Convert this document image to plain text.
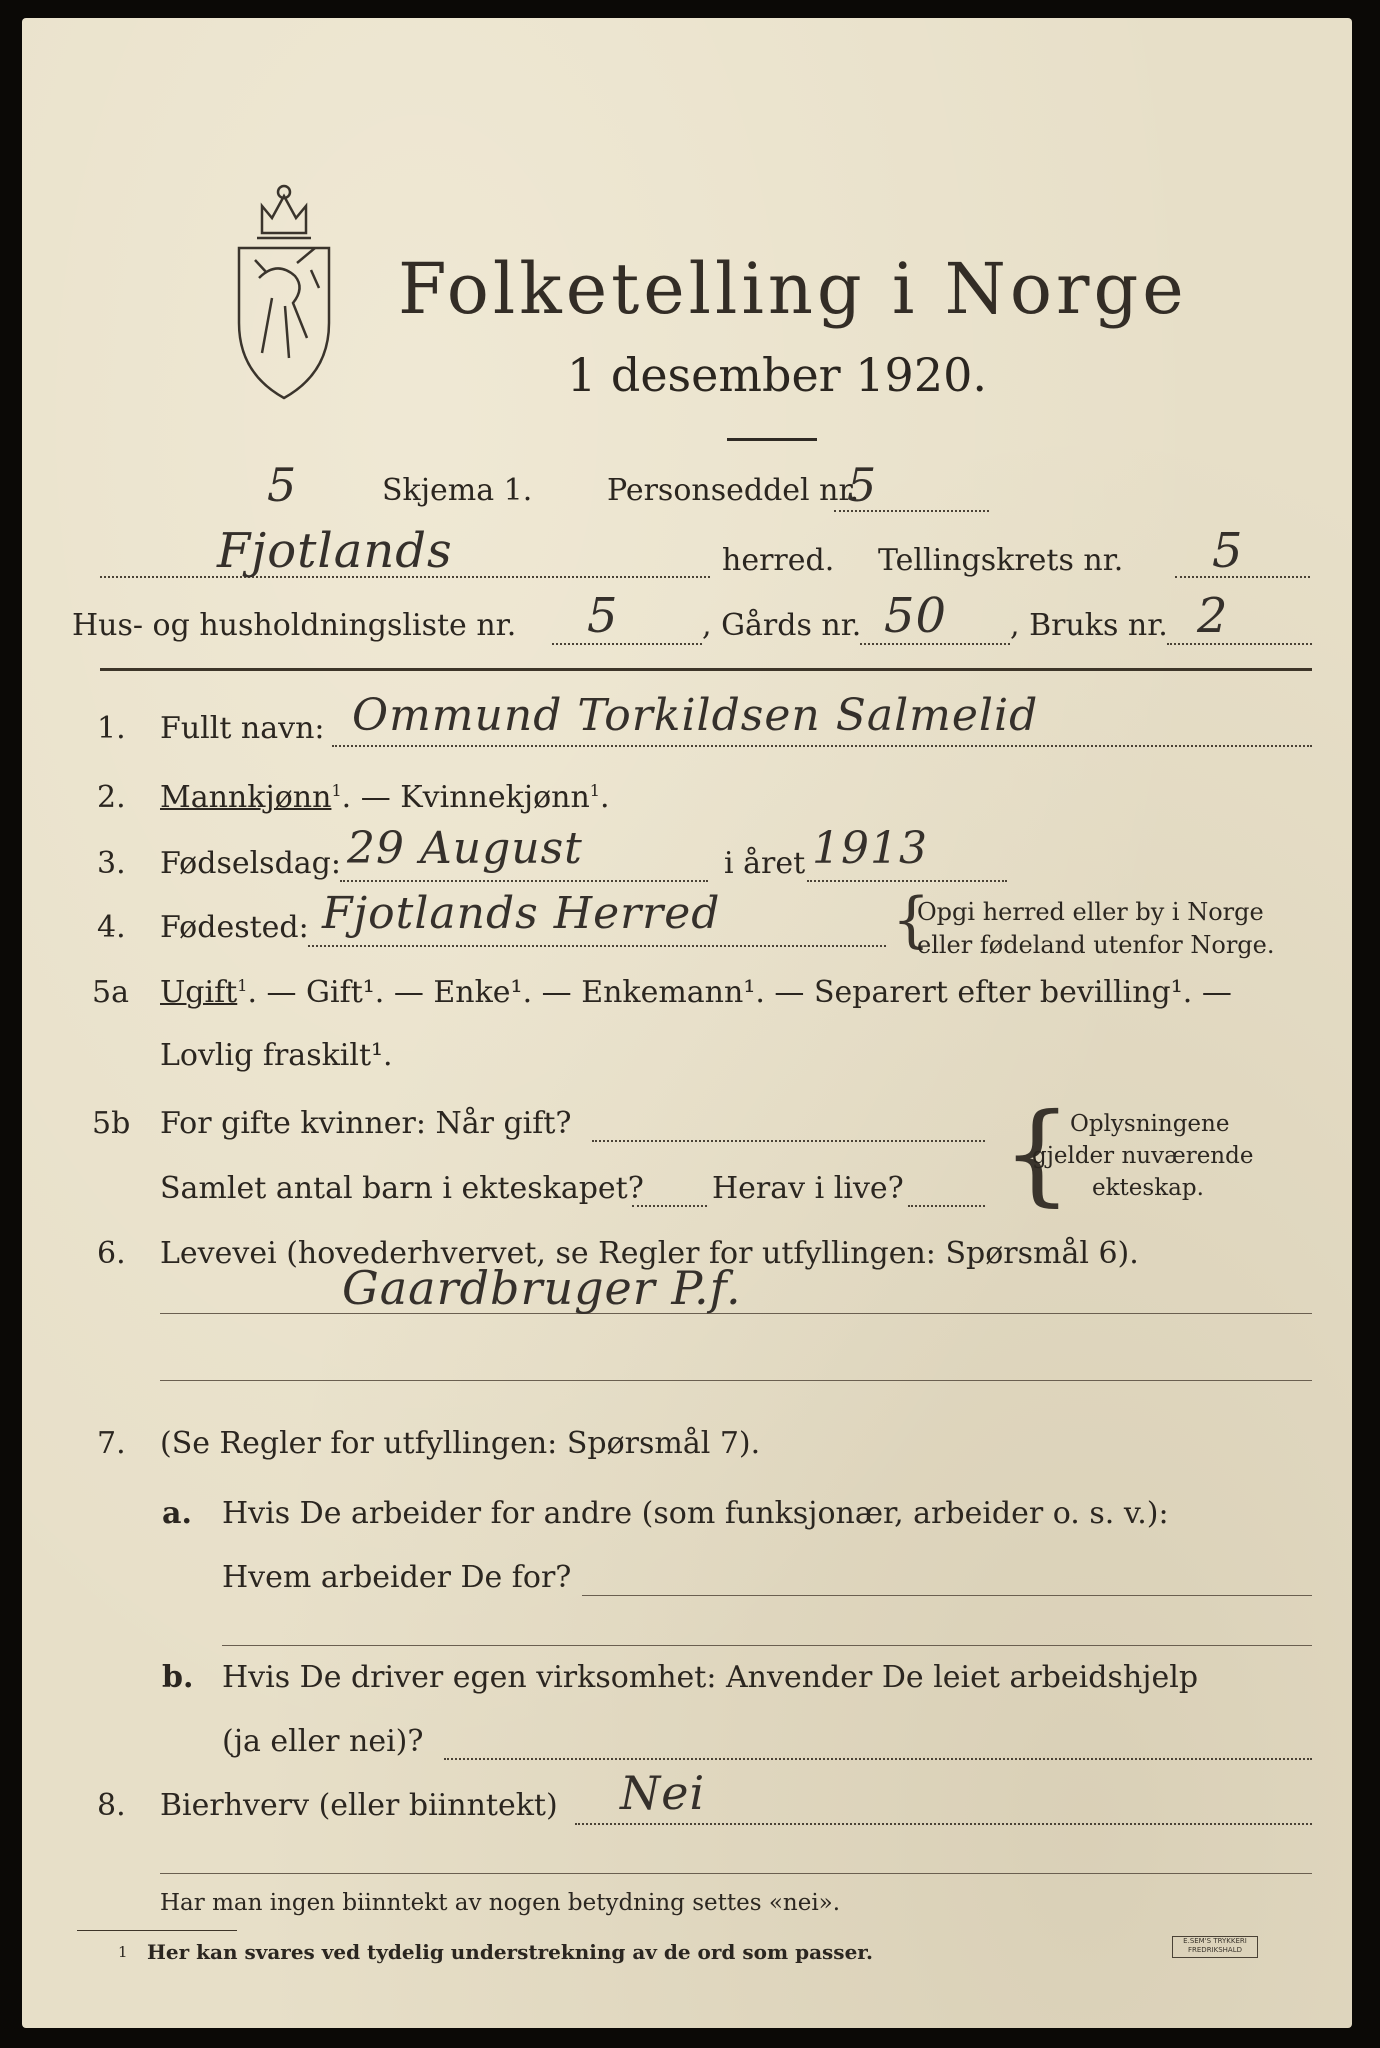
Folketelling i Norge
1 desember 1920.
5	Skjema 1. Personseddel nr.
5
Fjotlands	herred. Tellingskrets nr. 5
Hus- og husholdningsliste nr. 5	, Gårds nr. 50 , Bruks nr. 2
1. Fullt navn: Ommund Torkildsen Salmelid
2. Mannkjønn$^1$. — Kvinnekjønn$^1$.
3. Fødselsdag: 29 August	i året 1913
4. Fødested: Fjotlands Herred	{
Opgi herred eller by i Norge
eller fødeland utenfor Norge.
5a Ugift$^1$. — Gift¹. — Enke¹. — Enkemann¹. — Separert efter bevilling¹. —
Lovlig fraskilt¹.
5b For gifte kvinner: Når gift?
Samlet antal barn i ekteskapet? Herav i live? {
Oplysningene
gjelder nuværende
ekteskap.
6. Levevei (hovederhvervet, se Regler for utfyllingen: Spørsmål 6).
Gaardbruger P.f.
7. (Se Regler for utfyllingen: Spørsmål 7).
a. Hvis De arbeider for andre (som funksjonær, arbeider o. s. v.):
Hvem arbeider De for?
b. Hvis De driver egen virksomhet: Anvender De leiet arbeidshjelp
(ja eller nei)?
8. Bierhverv (eller biinntekt) Nei
Har man ingen biinntekt av nogen betydning settes «nei».
1 Her kan svares ved tydelig understrekning av de ord som passer.	E.SEM'S TRYKKERI
FREDRIKSHALD
